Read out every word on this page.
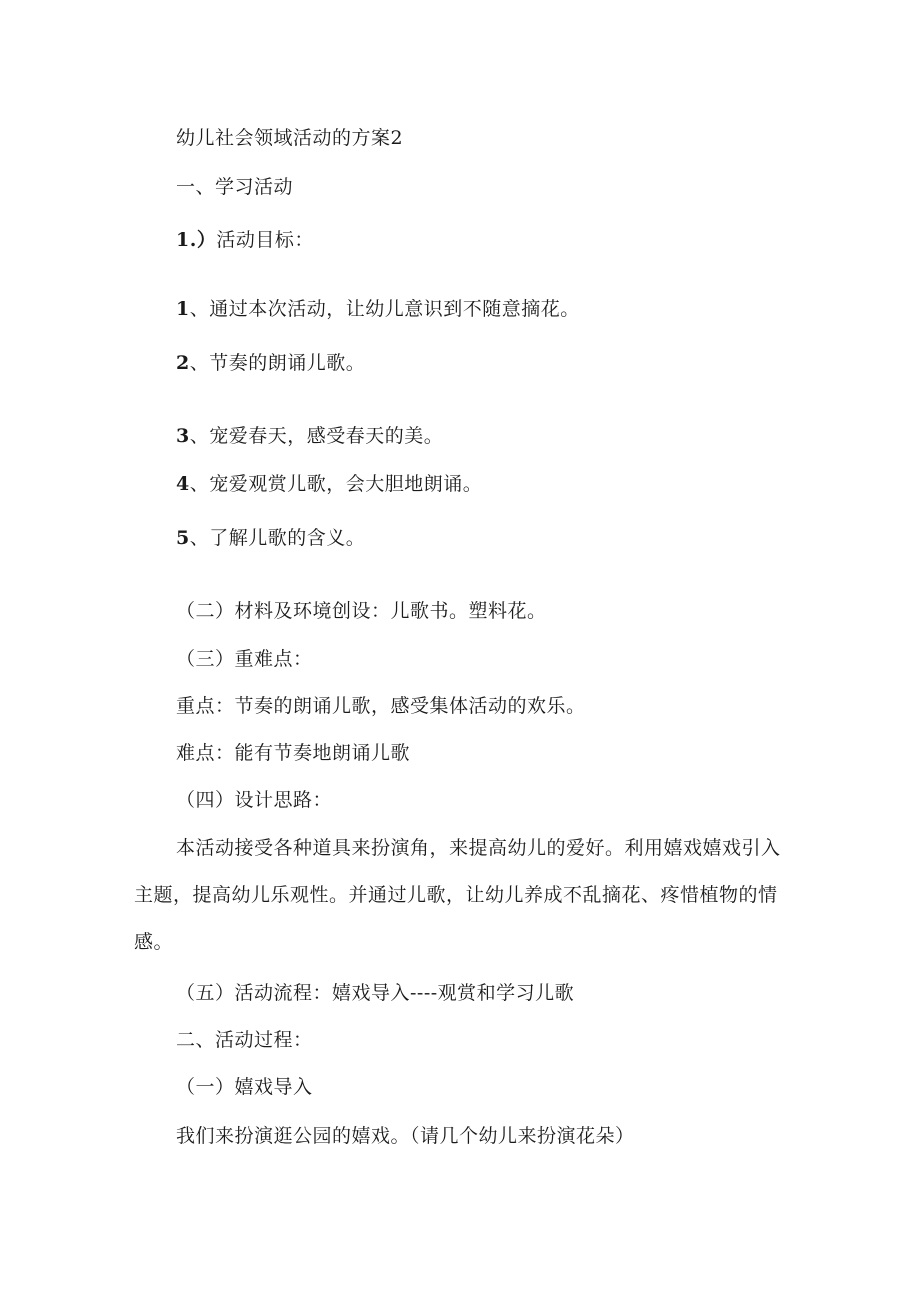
幼儿社会领域活动的方案2
一、学习活动
1.）活动目标：
1、通过本次活动，让幼儿意识到不随意摘花。
2、节奏的朗诵儿歌。
3、宠爱春天，感受春天的美。
4、宠爱观赏儿歌，会大胆地朗诵。
5、了解儿歌的含义。
（二）材料及环境创设：儿歌书。塑料花。
（三）重难点：
重点：节奏的朗诵儿歌，感受集体活动的欢乐。
难点：能有节奏地朗诵儿歌
（四）设计思路：
本活动接受各种道具来扮演角，来提高幼儿的爱好。利用嬉戏嬉戏引入主题，提高幼儿乐观性。并通过儿歌，让幼儿养成不乱摘花、疼惜植物的情感。
（五）活动流程：嬉戏导入----观赏和学习儿歌
二、活动过程：
（一）嬉戏导入
我们来扮演逛公园的嬉戏。（请几个幼儿来扮演花朵）
